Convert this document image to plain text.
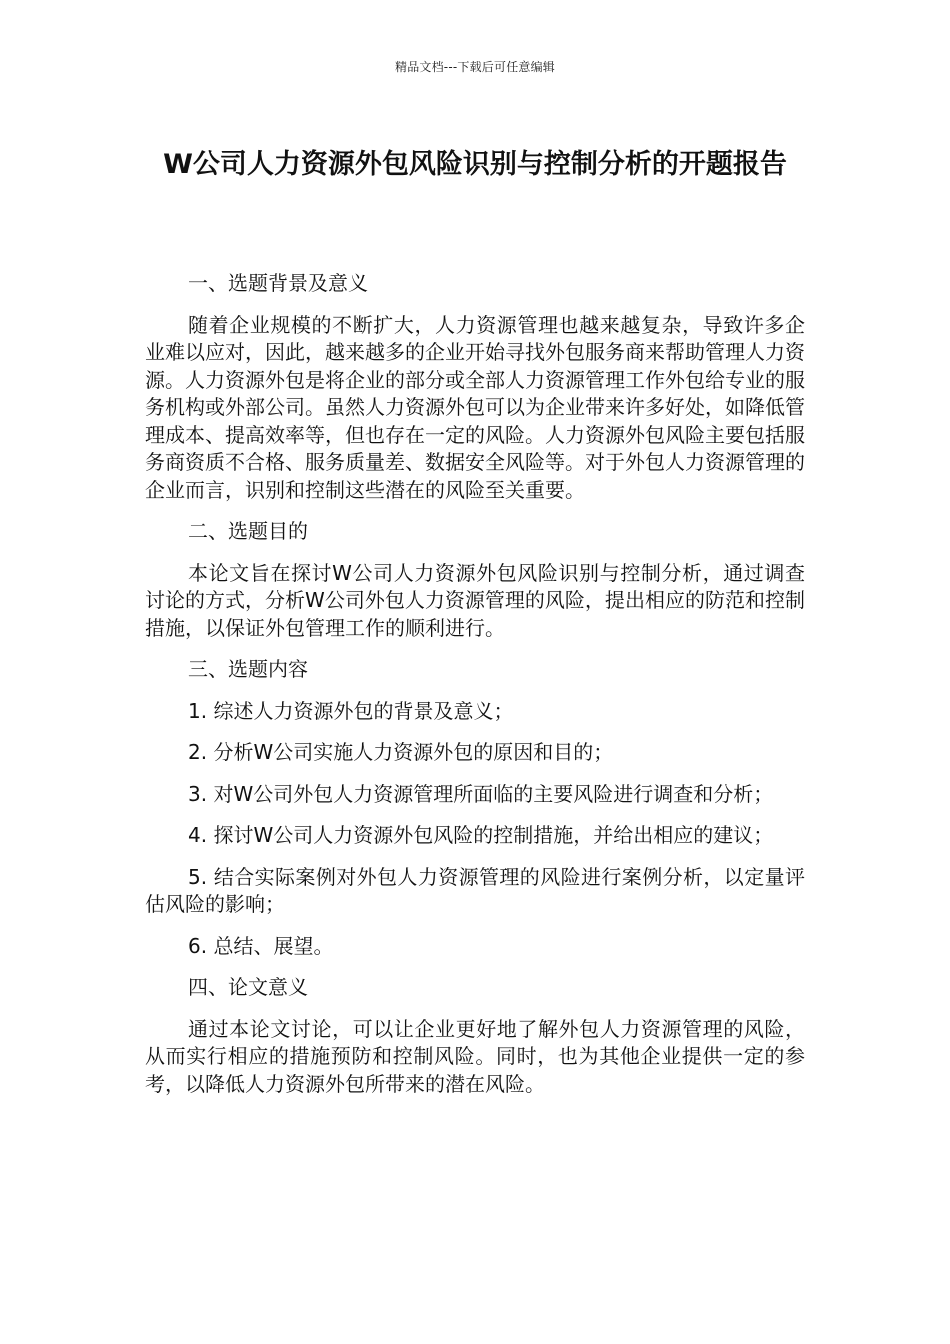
精品文档---下载后可任意编辑
W公司人力资源外包风险识别与控制分析的开题报告
一、选题背景及意义

随着企业规模的不断扩大，人力资源管理也越来越复杂，导致许多企业难以应对，因此，越来越多的企业开始寻找外包服务商来帮助管理人力资源。人力资源外包是将企业的部分或全部人力资源管理工作外包给专业的服务机构或外部公司。虽然人力资源外包可以为企业带来许多好处，如降低管理成本、提高效率等，但也存在一定的风险。人力资源外包风险主要包括服务商资质不合格、服务质量差、数据安全风险等。对于外包人力资源管理的企业而言，识别和控制这些潜在的风险至关重要。

二、选题目的

本论文旨在探讨W公司人力资源外包风险识别与控制分析，通过调查讨论的方式，分析W公司外包人力资源管理的风险，提出相应的防范和控制措施，以保证外包管理工作的顺利进行。

三、选题内容
1. 综述人力资源外包的背景及意义；
2. 分析W公司实施人力资源外包的原因和目的；
3. 对W公司外包人力资源管理所面临的主要风险进行调查和分析；
4. 探讨W公司人力资源外包风险的控制措施，并给出相应的建议；
5. 结合实际案例对外包人力资源管理的风险进行案例分析，以定量评估风险的影响；
6. 总结、展望。
四、论文意义

通过本论文讨论，可以让企业更好地了解外包人力资源管理的风险，从而实行相应的措施预防和控制风险。同时，也为其他企业提供一定的参考，以降低人力资源外包所带来的潜在风险。
